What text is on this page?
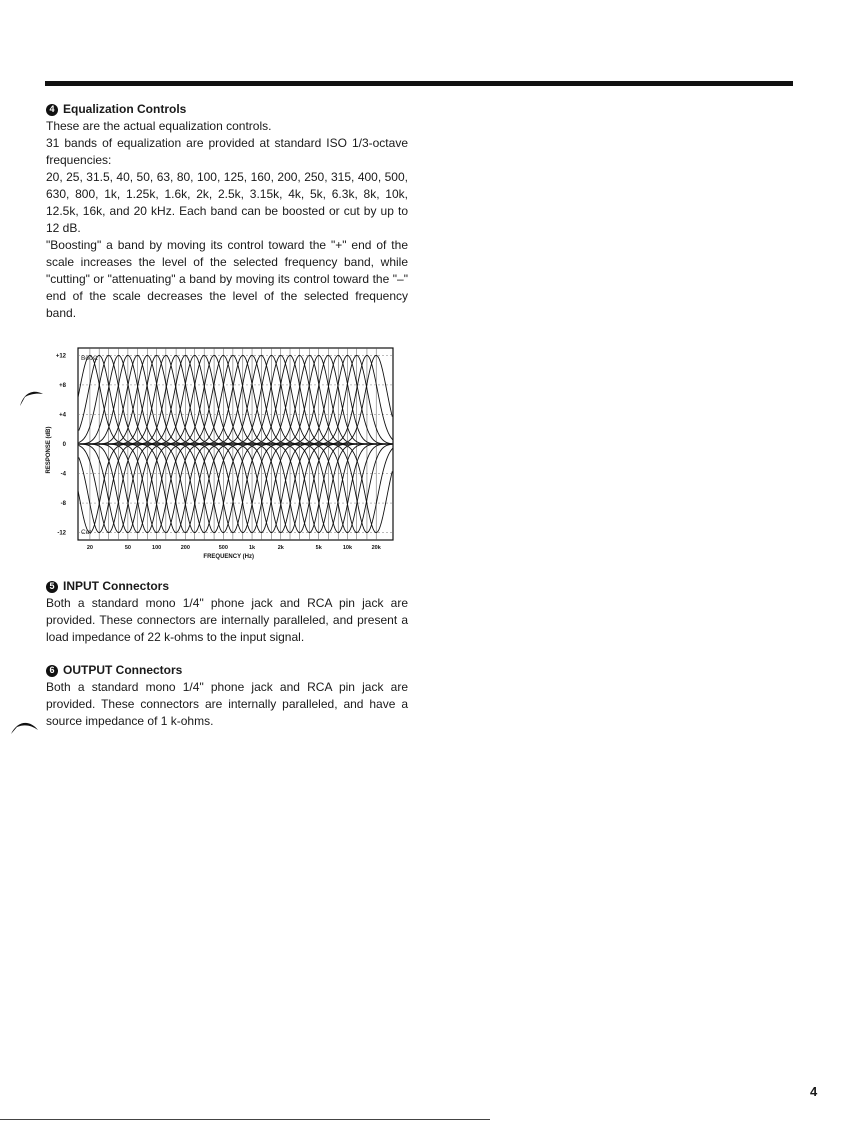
4 Equalization Controls

These are the actual equalization controls.

31 bands of equalization are provided at standard ISO 1/3-octave frequencies:

20, 25, 31.5, 40, 50, 63, 80, 100, 125, 160, 200, 250, 315, 400, 500, 630, 800, 1k, 1.25k, 1.6k, 2k, 2.5k, 3.15k, 4k, 5k, 6.3k, 8k, 10k, 12.5k, 16k, and 20 kHz. Each band can be boosted or cut by up to 12 dB.

"Boosting" a band by moving its control toward the "+" end of the scale increases the level of the selected frequency band, while "cutting" or "attenuating" a band by moving its control toward the "–" end of the scale decreases the level of the selected frequency band.

Boost
Cut
+12
+8
+4
0
-4
-8
-12
20	50	100	200	500	1k	2k	5k	10k	20k
FREQUENCY (Hz)
RESPONSE (dB)
5 INPUT Connectors

Both a standard mono 1/4" phone jack and RCA pin jack are provided. These connectors are internally paralleled, and present a load impedance of 22 k-ohms to the input signal.

6 OUTPUT Connectors

Both a standard mono 1/4" phone jack and RCA pin jack are provided. These connectors are internally paralleled, and have a source impedance of 1 k-ohms.

4
